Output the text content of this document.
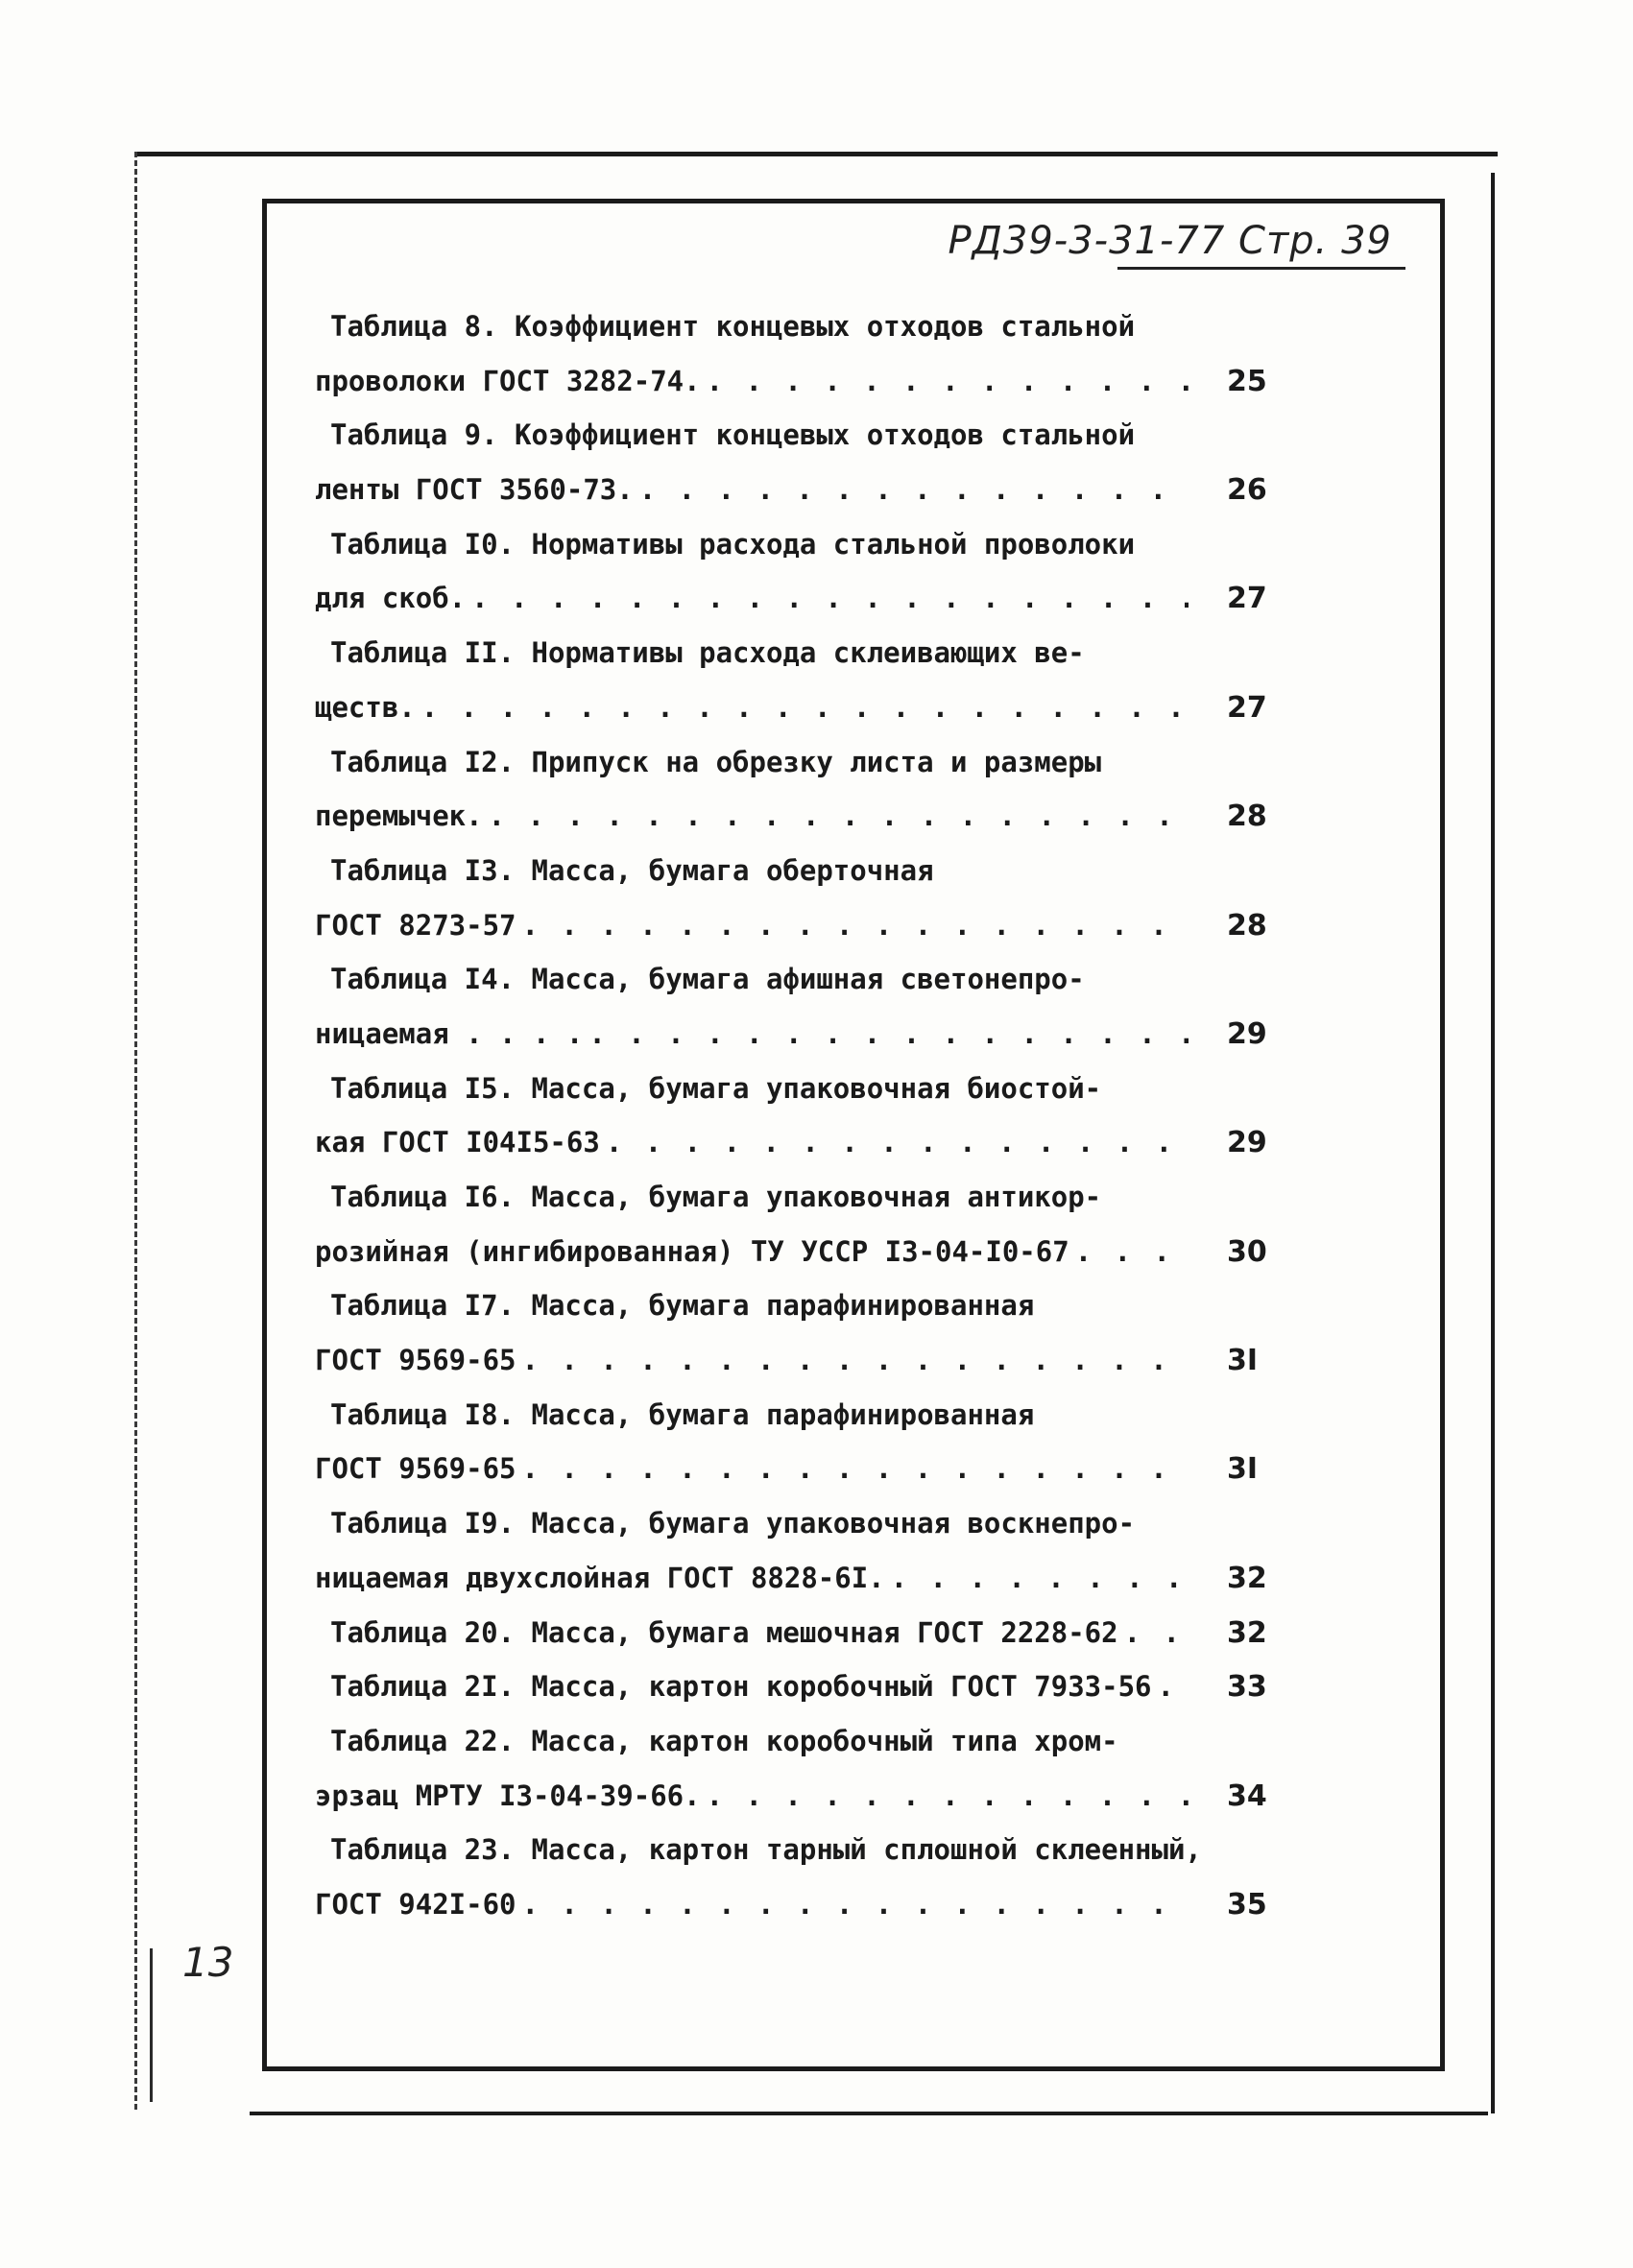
РД39-3-31-77 Стр. 39
Таблица 8. Коэффициент концевых отходов стальной
проволоки ГОСТ 3282-74. . . .	25
Таблица 9. Коэффициент концевых отходов стальной
ленты ГОСТ 3560-73. . . .	26
Таблица I0. Нормативы расхода стальной проволоки
для скоб. . . .	27
Таблица II. Нормативы расхода склеивающих ве-
ществ. . . .	27
Таблица I2. Припуск на обрезку листа и размеры
перемычек. . . .	28
Таблица I3. Масса, бумага оберточная
ГОСТ 8273-57 . . .	28
Таблица I4. Масса, бумага афишная светонепро-
ницаемая . . . . . . .	29
Таблица I5. Масса, бумага упаковочная биостой-
кая ГОСТ I04I5-63 . . .	29
Таблица I6. Масса, бумага упаковочная антикор-
розийная (ингибированная) ТУ УССР I3-04-I0-67 . . .	30
Таблица I7. Масса, бумага парафинированная
ГОСТ 9569-65 . . .	3I
Таблица I8. Масса, бумага парафинированная
ГОСТ 9569-65 . . .	3I
Таблица I9. Масса, бумага упаковочная воскнепро-
ницаемая двухслойная ГОСТ 8828-6I. . . .	32
Таблица 20. Масса, бумага мешочная ГОСТ 2228-62 . . .	32
Таблица 2I. Масса, картон коробочный ГОСТ 7933-56 . . .	33
Таблица 22. Масса, картон коробочный типа хром-
эрзац МРТУ I3-04-39-66. . . .	34
Таблица 23. Масса, картон тарный сплошной склеенный,
ГОСТ 942I-60 . . .	35
13
